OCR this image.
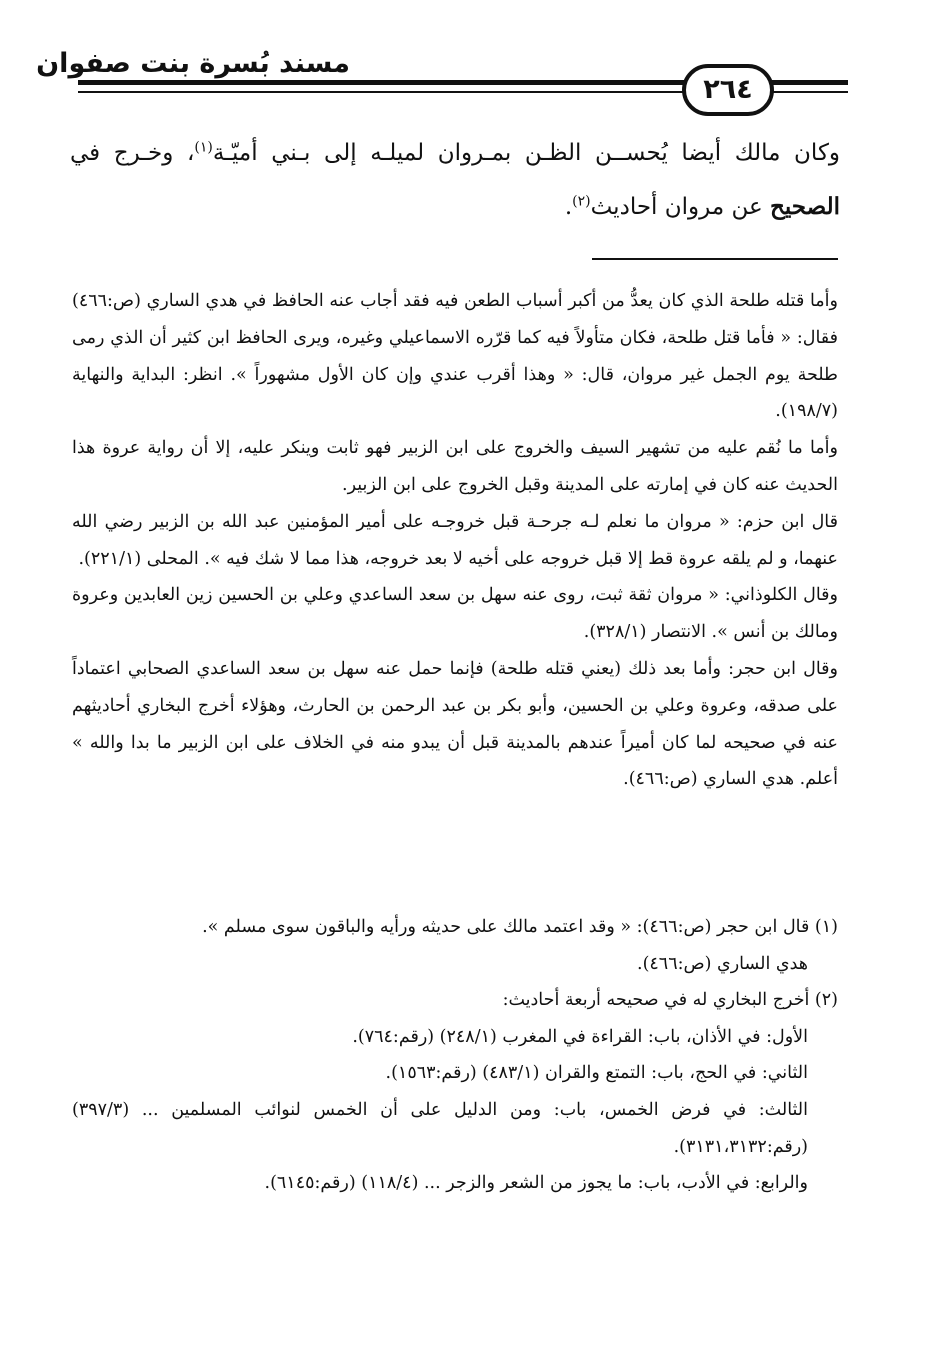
مسند بُسرة بنت صفوان
٢٦٤
وكان مالك أيضا يُحســن الظـن بمـروان لميلـه إلى بـني أميّـة$^{(١)}$، وخـرج في الصحيح عن مروان أحاديث$^{(٢)}$.

وأما قتله طلحة الذي كان يعدُّ من أكبر أسباب الطعن فيه فقد أجاب عنه الحافظ في هدي الساري (ص:٤٦٦) فقال: « فأما قتل طلحة، فكان متأولاً فيه كما قرّره الاسماعيلي وغيره، ويرى الحافظ ابن كثير أن الذي رمى طلحة يوم الجمل غير مروان، قال: « وهذا أقرب عندي وإن كان الأول مشهوراً ». انظر: البداية والنهاية (١٩٨/٧).

وأما ما نُقم عليه من تشهير السيف والخروج على ابن الزبير فهو ثابت وينكر عليه، إلا أن رواية عروة هذا الحديث عنه كان في إمارته على المدينة وقبل الخروج على ابن الزبير.

قال ابن حزم: « مروان ما نعلم لـه جرحـة قبل خروجـه على أمير المؤمنين عبد الله بن الزبير رضي الله عنهما، و لم يلقه عروة قط إلا قبل خروجه على أخيه لا بعد خروجه، هذا مما لا شك فيه ». المحلى (٢٢١/١).

وقال الكلوذاني: « مروان ثقة ثبت، روى عنه سهل بن سعد الساعدي وعلي بن الحسين زين العابدين وعروة ومالك بن أنس ». الانتصار (٣٢٨/١).

وقال ابن حجر: وأما بعد ذلك (يعني قتله طلحة) فإنما حمل عنه سهل بن سعد الساعدي الصحابي اعتماداً على صدقه، وعروة وعلي بن الحسين، وأبو بكر بن عبد الرحمن بن الحارث، وهؤلاء أخرج البخاري أحاديثهم عنه في صحيحه لما كان أميراً عندهم بالمدينة قبل أن يبدو منه في الخلاف على ابن الزبير ما بدا والله » أعلم. هدي الساري (ص:٤٦٦).

(١) قال ابن حجر (ص:٤٦٦): « وقد اعتمد مالك على حديثه ورأيه والباقون سوى مسلم ».

هدي الساري (ص:٤٦٦).

(٢) أخرج البخاري له في صحيحه أربعة أحاديث:

الأول: في الأذان، باب: القراءة في المغرب (٢٤٨/١) (رقم:٧٦٤).

الثاني: في الحج، باب: التمتع والقران (٤٨٣/١) (رقم:١٥٦٣).

الثالث: في فرض الخمس، باب: ومن الدليل على أن الخمس لنوائب المسلمين ... (٣٩٧/٣) (رقم:٣١٣١،٣١٣٢).

والرابع: في الأدب، باب: ما يجوز من الشعر والزجر ... (١١٨/٤) (رقم:٦١٤٥).
